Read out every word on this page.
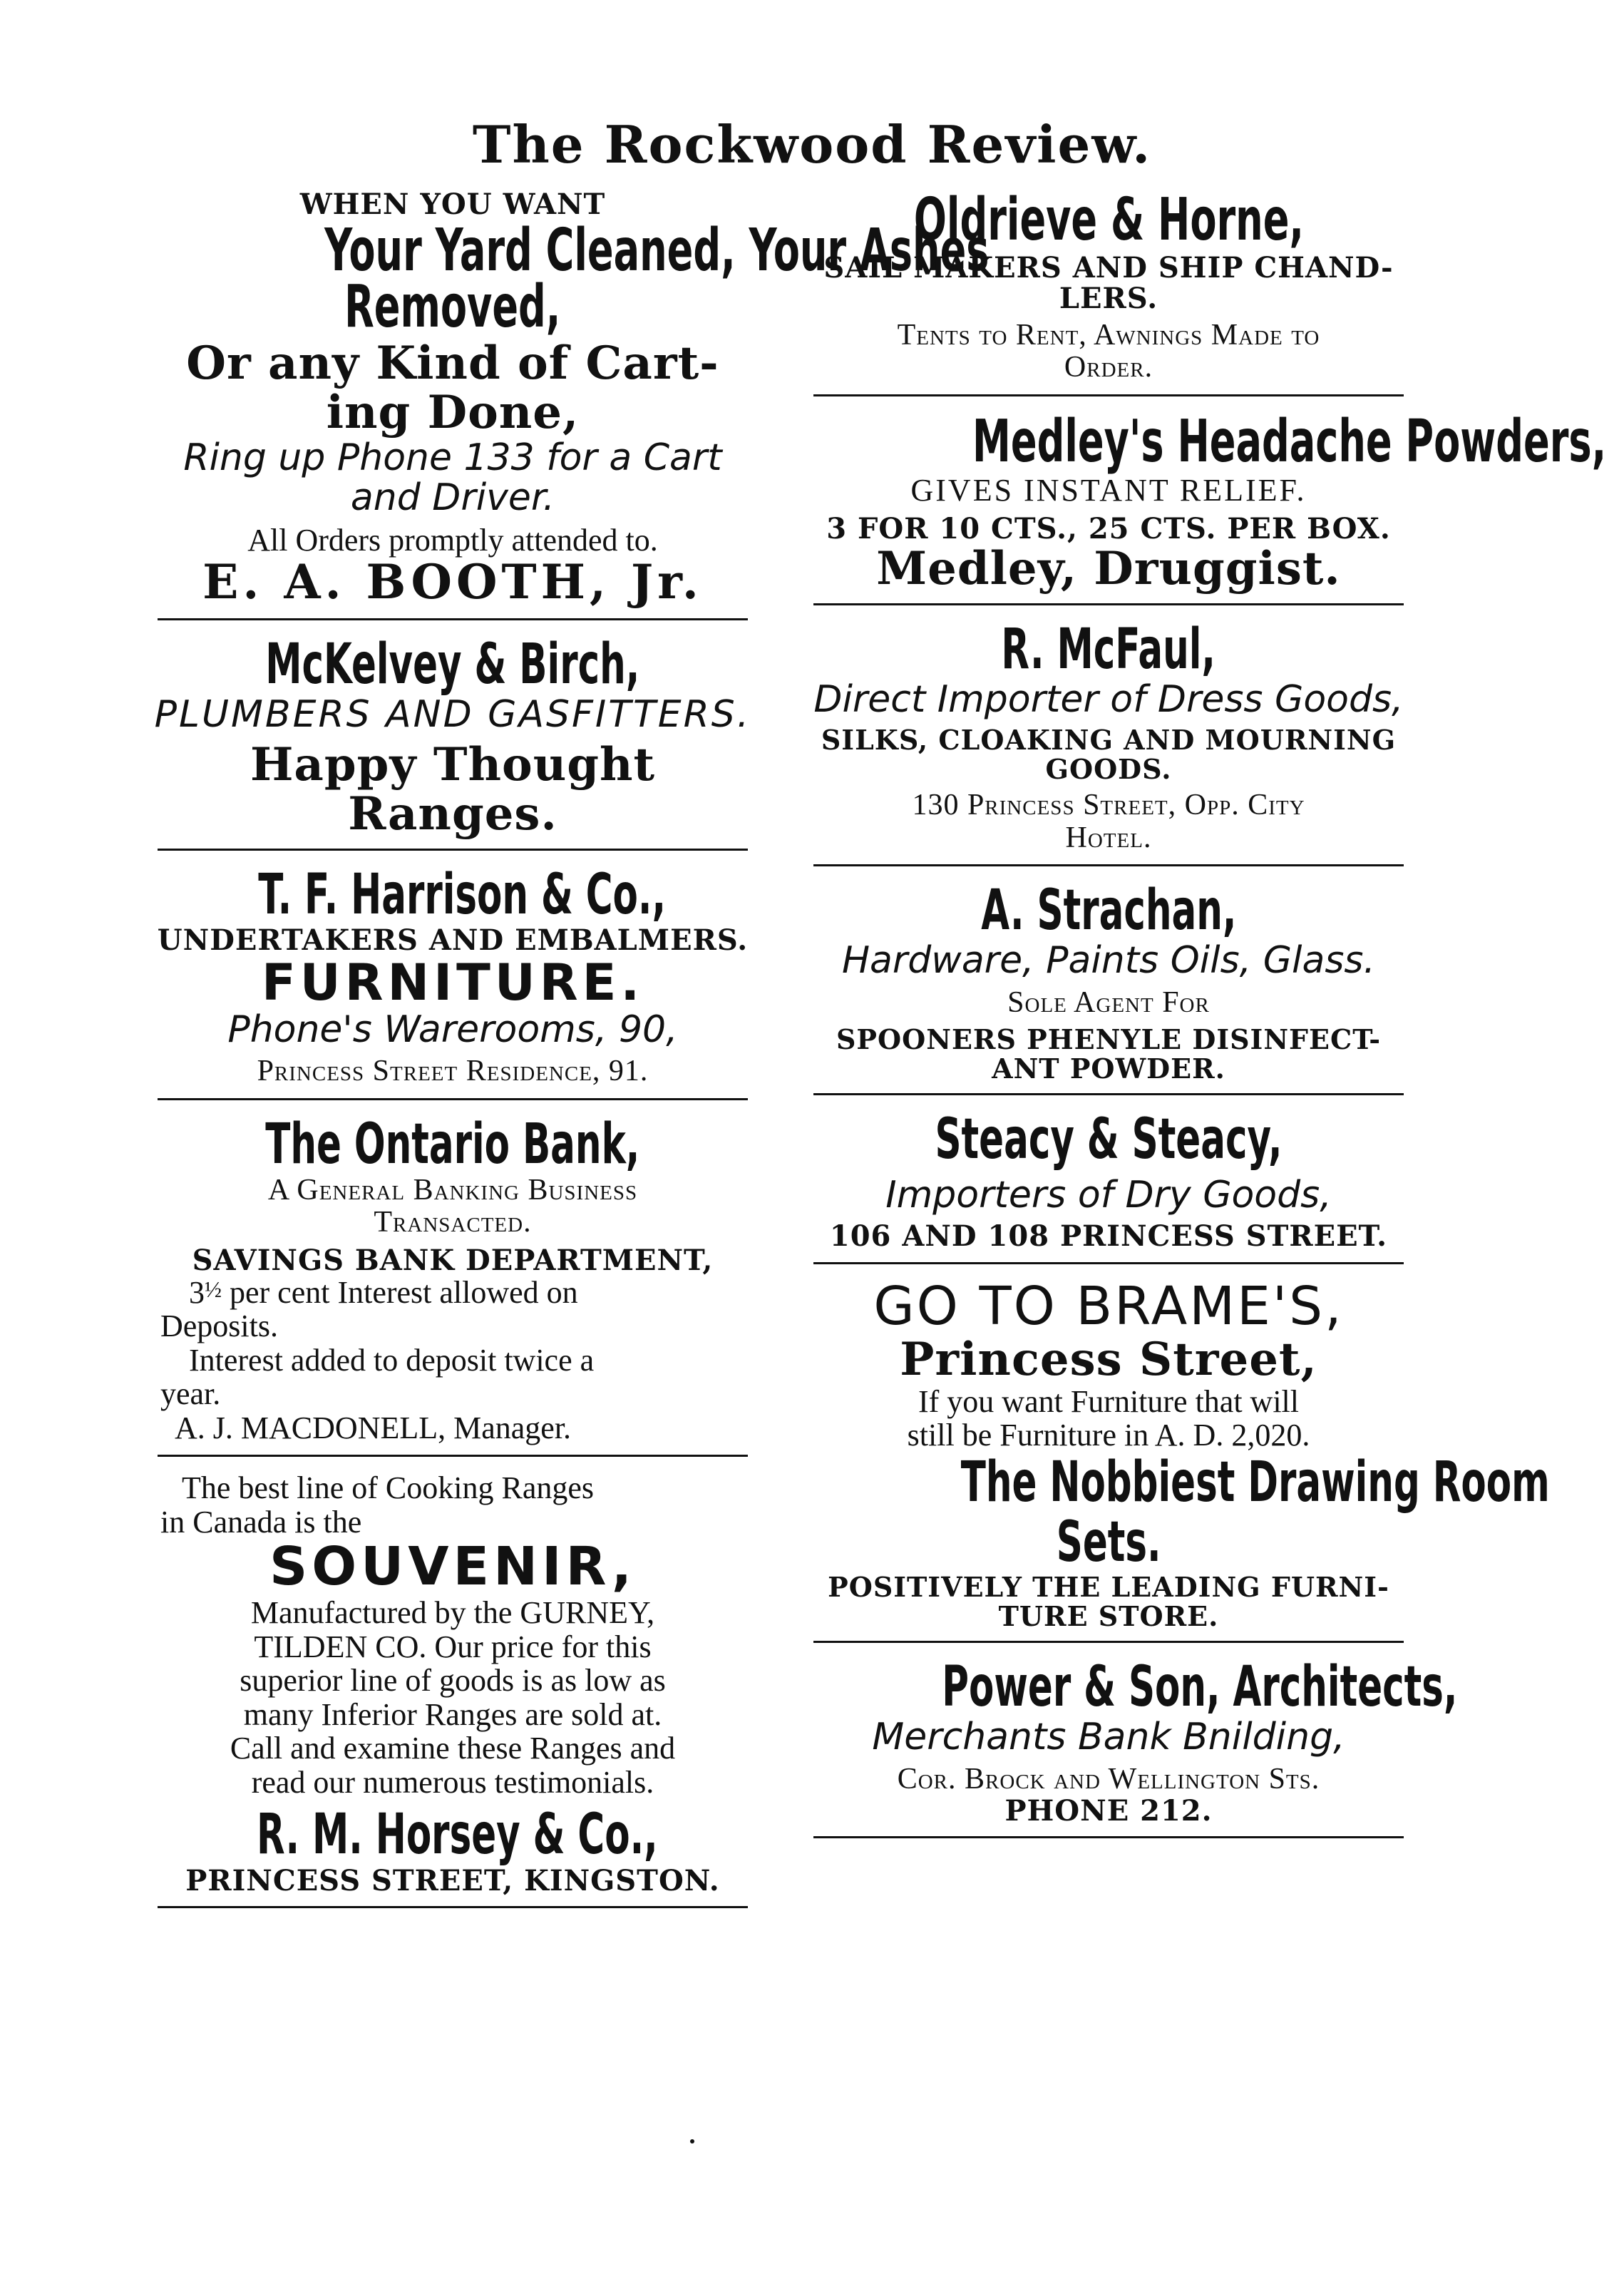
The Rockwood Review.
WHEN YOU WANT
Your Yard Cleaned, Your Ashes
Removed,
Or any Kind of Cart-
ing Done,
Ring up Phone 133 for a Cart
and Driver.
All Orders promptly attended to.
E. A. BOOTH, Jr.
McKelvey & Birch,
PLUMBERS AND GASFITTERS.
Happy Thought
Ranges.
T. F. Harrison & Co.,
UNDERTAKERS AND EMBALMERS.
FURNITURE.
Phone's Warerooms, 90,
Princess Street Residence, 91.
The Ontario Bank,
A General Banking Business
Transacted.
SAVINGS BANK DEPARTMENT,
3½ per cent Interest allowed on
Deposits.
Interest added to deposit twice a
year.
A. J. MACDONELL, Manager.
The best line of Cooking Ranges
in Canada is the
SOUVENIR,
Manufactured by the GURNEY,
TILDEN CO. Our price for this
superior line of goods is as low as
many Inferior Ranges are sold at.
Call and examine these Ranges and
read our numerous testimonials.
R. M. Horsey & Co.,
PRINCESS STREET, KINGSTON.
Oldrieve & Horne,
SAIL MAKERS AND SHIP CHAND-
LERS.
Tents to Rent, Awnings Made to
Order.
Medley's Headache Powders,
GIVES INSTANT RELIEF.
3 FOR 10 CTS., 25 CTS. PER BOX.
Medley, Druggist.
R. McFaul,
Direct Importer of Dress Goods,
SILKS, CLOAKING AND MOURNING
GOODS.
130 Princess Street, Opp. City
Hotel.
A. Strachan,
Hardware, Paints Oils, Glass.
Sole Agent For
SPOONERS PHENYLE DISINFECT-
ANT POWDER.
Steacy & Steacy,
Importers of Dry Goods,
106 AND 108 PRINCESS STREET.
GO TO BRAME'S,
Princess Street,
If you want Furniture that will
still be Furniture in A. D. 2,020.
The Nobbiest Drawing Room
Sets.
POSITIVELY THE LEADING FURNI-
TURE STORE.
Power & Son, Architects,
Merchants Bank Bnilding,
Cor. Brock and Wellington Sts.
PHONE 212.
